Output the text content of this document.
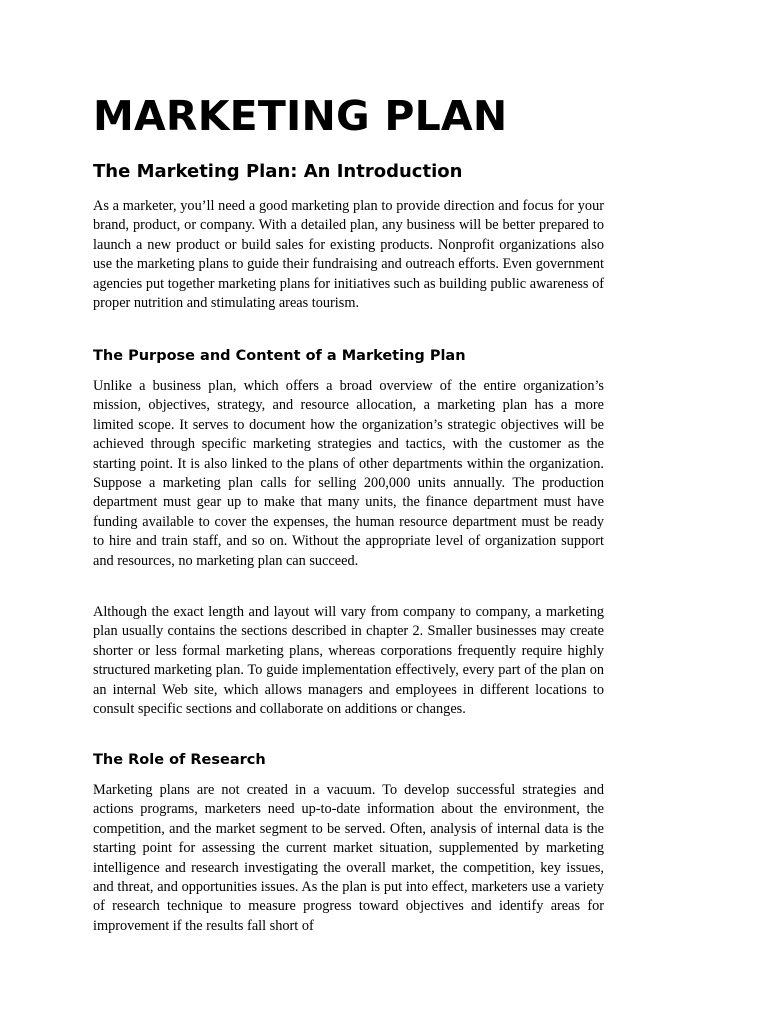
MARKETING PLAN
The Marketing Plan: An Introduction

As a marketer, you’ll need a good marketing plan to provide direction and focus for your brand, product, or company. With a detailed plan, any business will be better prepared to launch a new product or build sales for existing products. Nonprofit organizations also use the marketing plans to guide their fundraising and outreach efforts. Even government agencies put together marketing plans for initiatives such as building public awareness of proper nutrition and stimulating areas tourism.

The Purpose and Content of a Marketing Plan

Unlike a business plan, which offers a broad overview of the entire organization’s mission, objectives, strategy, and resource allocation, a marketing plan has a more limited scope. It serves to document how the organization’s strategic objectives will be achieved through specific marketing strategies and tactics, with the customer as the starting point. It is also linked to the plans of other departments within the organization. Suppose a marketing plan calls for selling 200,000 units annually. The production department must gear up to make that many units, the finance department must have funding available to cover the expenses, the human resource department must be ready to hire and train staff, and so on. Without the appropriate level of organization support and resources, no marketing plan can succeed.

Although the exact length and layout will vary from company to company, a marketing plan usually contains the sections described in chapter 2. Smaller businesses may create shorter or less formal marketing plans, whereas corporations frequently require highly structured marketing plan. To guide implementation effectively, every part of the plan on an internal Web site, which allows managers and employees in different locations to consult specific sections and collaborate on additions or changes.

The Role of Research

Marketing plans are not created in a vacuum. To develop successful strategies and actions programs, marketers need up-to-date information about the environment, the competition, and the market segment to be served. Often, analysis of internal data is the starting point for assessing the current market situation, supplemented by marketing intelligence and research investigating the overall market, the competition, key issues, and threat, and opportunities issues. As the plan is put into effect, marketers use a variety of research technique to measure progress toward objectives and identify areas for improvement if the results fall short of
